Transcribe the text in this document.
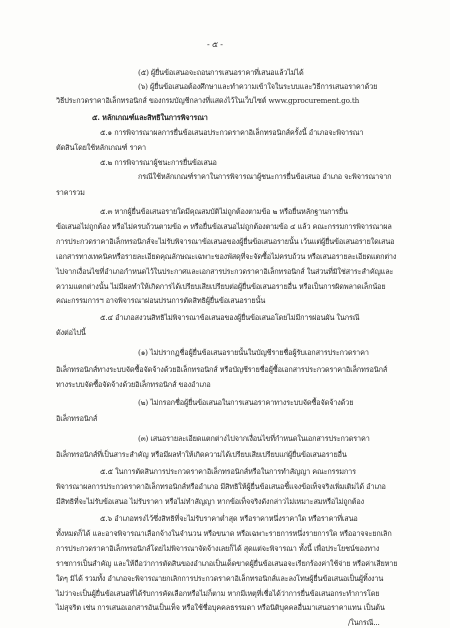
- ๕ -
(๕) ผู้ยื่นข้อเสนอจะถอนการเสนอราคาที่เสนอแล้วไม่ได้
(๖) ผู้ยื่นข้อเสนอต้องศึกษาและทำความเข้าใจในระบบและวิธีการเสนอราคาด้วย
วิธีประกวดราคาอิเล็กทรอนิกส์ ของกรมบัญชีกลางที่แสดงไว้ในเว็บไซต์ www.gprocurement.go.th
๕. หลักเกณฑ์และสิทธิในการพิจารณา
๕.๑ การพิจารณาผลการยื่นข้อเสนอประกวดราคาอิเล็กทรอนิกส์ครั้งนี้ อำเภอจะพิจารณา
ตัดสินโดยใช้หลักเกณฑ์ ราคา
๕.๒ การพิจารณาผู้ชนะการยื่นข้อเสนอ
กรณีใช้หลักเกณฑ์ราคาในการพิจารณาผู้ชนะการยื่นข้อเสนอ อำเภอ จะพิจารณาจาก
ราคารวม
๕.๓ หากผู้ยื่นข้อเสนอรายใดมีคุณสมบัติไม่ถูกต้องตามข้อ ๒ หรือยื่นหลักฐานการยื่น
ข้อเสนอไม่ถูกต้อง หรือไม่ครบถ้วนตามข้อ ๓ หรือยื่นข้อเสนอไม่ถูกต้องตามข้อ ๔ แล้ว คณะกรรมการพิจารณาผล
การประกวดราคาอิเล็กทรอนิกส์จะไม่รับพิจารณาข้อเสนอของผู้ยื่นข้อเสนอรายนั้น เว้นแต่ผู้ยื่นข้อเสนอรายใดเสนอ
เอกสารทางเทคนิคหรือรายละเอียดคุณลักษณะเฉพาะของพัสดุที่จะจัดซื้อไม่ครบถ้วน หรือเสนอรายละเอียดแตกต่าง
ไปจากเงื่อนไขที่อำเภอกำหนดไว้ในประกาศและเอกสารประกวดราคาอิเล็กทรอนิกส์ ในส่วนที่มิใช่สาระสำคัญและ
ความแตกต่างนั้น ไม่มีผลทำให้เกิดการได้เปรียบเสียเปรียบต่อผู้ยื่นข้อเสนอรายอื่น หรือเป็นการผิดพลาดเล็กน้อย
คณะกรรมการฯ อาจพิจารณาผ่อนปรนการตัดสิทธิผู้ยื่นข้อเสนอรายนั้น
๕.๔ อำเภอสงวนสิทธิไม่พิจารณาข้อเสนอของผู้ยื่นข้อเสนอโดยไม่มีการผ่อนผัน ในกรณี
ดังต่อไปนี้
(๑) ไม่ปรากฏชื่อผู้ยื่นข้อเสนอรายนั้นในบัญชีรายชื่อผู้รับเอกสารประกวดราคา
อิเล็กทรอนิกส์ทางระบบจัดซื้อจัดจ้างด้วยอิเล็กทรอนิกส์ หรือบัญชีรายชื่อผู้ซื้อเอกสารประกวดราคาอิเล็กทรอนิกส์
ทางระบบจัดซื้อจัดจ้างด้วยอิเล็กทรอนิกส์ ของอำเภอ
(๒) ไม่กรอกชื่อผู้ยื่นข้อเสนอในการเสนอราคาทางระบบจัดซื้อจัดจ้างด้วย
อิเล็กทรอนิกส์
(๓) เสนอรายละเอียดแตกต่างไปจากเงื่อนไขที่กำหนดในเอกสารประกวดราคา
อิเล็กทรอนิกส์ที่เป็นสาระสำคัญ หรือมีผลทำให้เกิดความได้เปรียบเสียเปรียบแก่ผู้ยื่นข้อเสนอรายอื่น
๕.๕ ในการตัดสินการประกวดราคาอิเล็กทรอนิกส์หรือในการทำสัญญา คณะกรรมการ
พิจารณาผลการประกวดราคาอิเล็กทรอนิกส์หรืออำเภอ มีสิทธิให้ผู้ยื่นข้อเสนอชี้แจงข้อเท็จจริงเพิ่มเติมได้ อำเภอ
มีสิทธิที่จะไม่รับข้อเสนอ ไม่รับราคา หรือไม่ทำสัญญา หากข้อเท็จจริงดังกล่าวไม่เหมาะสมหรือไม่ถูกต้อง
๕.๖ อำเภอทรงไว้ซึ่งสิทธิที่จะไม่รับราคาต่ำสุด หรือราคาหนึ่งราคาใด หรือราคาที่เสนอ
ทั้งหมดก็ได้ และอาจพิจารณาเลือกจ้างในจำนวน หรือขนาด หรือเฉพาะรายการหนึ่งรายการใด หรืออาจจะยกเลิก
การประกวดราคาอิเล็กทรอนิกส์โดยไม่พิจารณาจัดจ้างเลยก็ได้ สุดแต่จะพิจารณา ทั้งนี้ เพื่อประโยชน์ของทาง
ราชการเป็นสำคัญ และให้ถือว่าการตัดสินของอำเภอเป็นเด็ดขาดผู้ยื่นข้อเสนอจะเรียกร้องค่าใช้จ่าย หรือค่าเสียหาย
ใดๆ มิได้ รวมทั้ง อำเภอจะพิจารณายกเลิกการประกวดราคาอิเล็กทรอนิกส์และลงโทษผู้ยื่นข้อเสนอเป็นผู้ทิ้งงาน
ไม่ว่าจะเป็นผู้ยื่นข้อเสนอที่ได้รับการคัดเลือกหรือไม่ก็ตาม หากมีเหตุที่เชื่อได้ว่าการยื่นข้อเสนอกระทำการโดย
ไม่สุจริต เช่น การเสนอเอกสารอันเป็นเท็จ หรือใช้ชื่อบุคคลธรรมดา หรือนิติบุคคลอื่นมาเสนอราคาแทน เป็นต้น
/ในกรณี...
